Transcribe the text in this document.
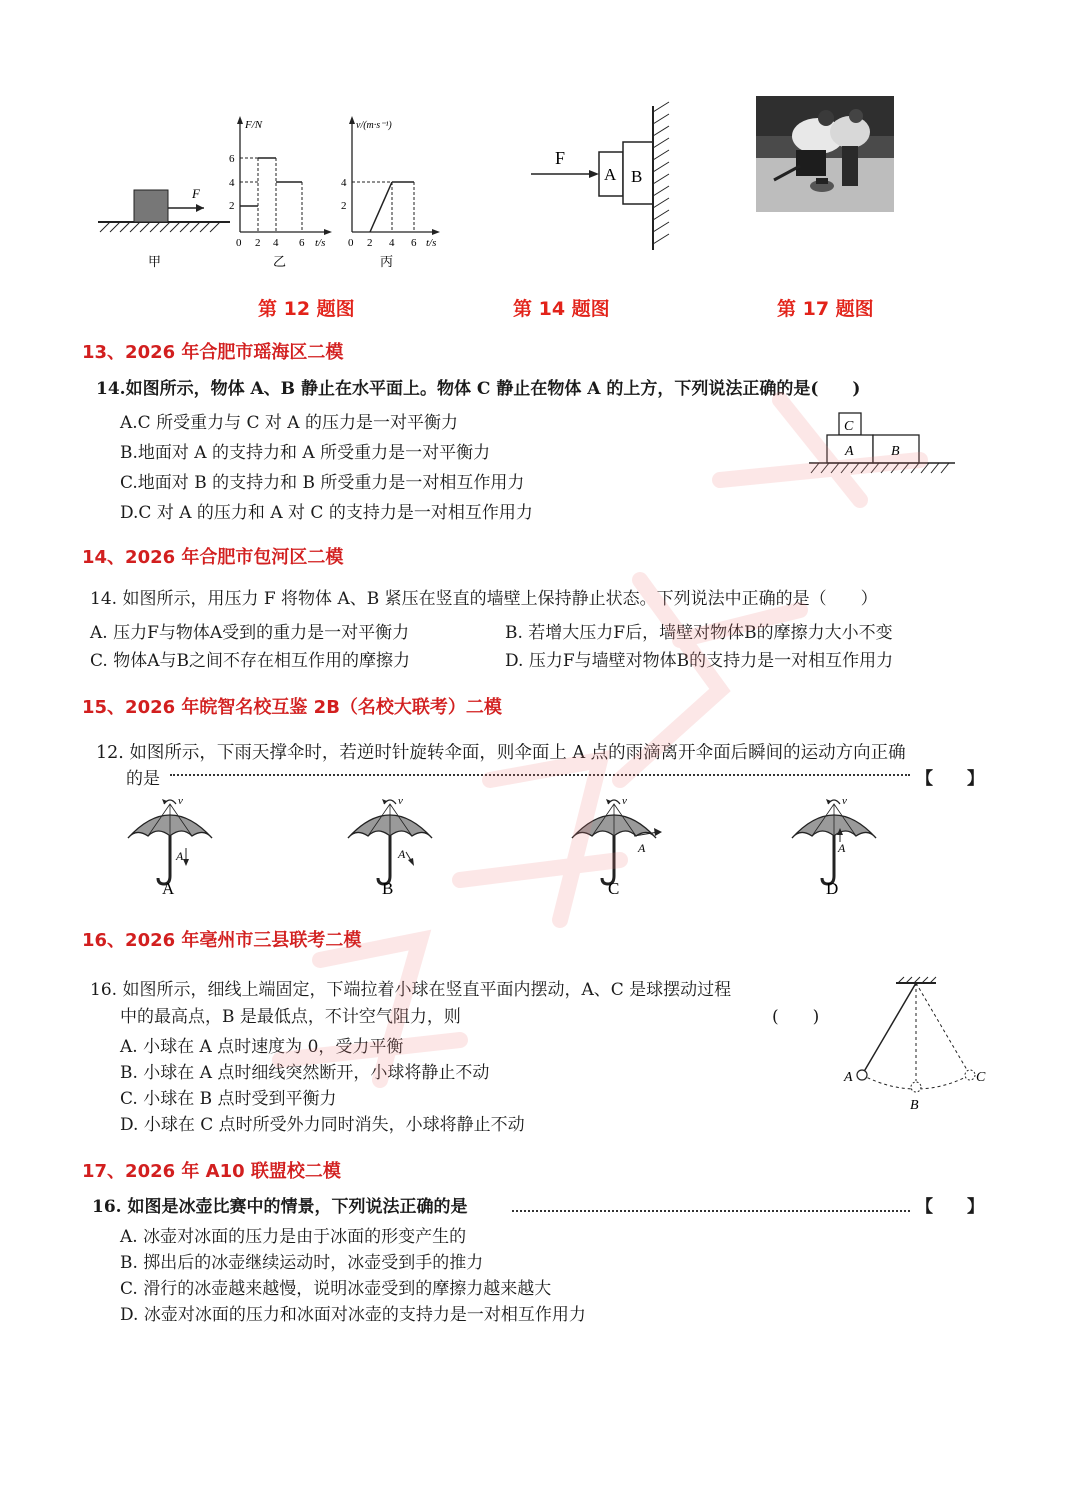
F
甲
F/N
6
4
2
0 2 4 6 t/s
乙
v/(m·s⁻¹)
4
2
0 2 4 6 t/s
丙
F
A B
第 12 题图	第 14 题图	第 17 题图
13、2026 年合肥市瑶海区二模
14.如图所示，物体 A、B 静止在水平面上。物体 C 静止在物体 A 的上方，下列说法正确的是(　　)
A.C 所受重力与 C 对 A 的压力是一对平衡力
B.地面对 A 的支持力和 A 所受重力是一对平衡力
C.地面对 B 的支持力和 B 所受重力是一对相互作用力
D.C 对 A 的压力和 A 对 C 的支持力是一对相互作用力
C
A	B
14、2026 年合肥市包河区二模
14. 如图所示，用压力 F 将物体 A、B 紧压在竖直的墙壁上保持静止状态。下列说法中正确的是（　　）
A. 压力F与物体A受到的重力是一对平衡力	B. 若增大压力F后，墙壁对物体B的摩擦力大小不变
C. 物体A与B之间不存在相互作用的摩擦力	D. 压力F与墙壁对物体B的支持力是一对相互作用力
15、2026 年皖智名校互鉴 2B（名校大联考）二模
12. 如图所示，下雨天撑伞时，若逆时针旋转伞面，则伞面上 A 点的雨滴离开伞面后瞬间的运动方向正确
的是	【　　】
v
A
A
v
A
B
v
A
C
v
A
D
16、2026 年亳州市三县联考二模
16. 如图所示，细线上端固定，下端拉着小球在竖直平面内摆动，A、C 是球摆动过程
中的最高点，B 是最低点，不计空气阻力，则	(　　)
A. 小球在 A 点时速度为 0，受力平衡
B. 小球在 A 点时细线突然断开，小球将静止不动
C. 小球在 B 点时受到平衡力
D. 小球在 C 点时所受外力同时消失，小球将静止不动
A
B
C
17、2026 年 A10 联盟校二模
16. 如图是冰壶比赛中的情景，下列说法正确的是	【　　】
A. 冰壶对冰面的压力是由于冰面的形变产生的
B. 掷出后的冰壶继续运动时，冰壶受到手的推力
C. 滑行的冰壶越来越慢，说明冰壶受到的摩擦力越来越大
D. 冰壶对冰面的压力和冰面对冰壶的支持力是一对相互作用力
